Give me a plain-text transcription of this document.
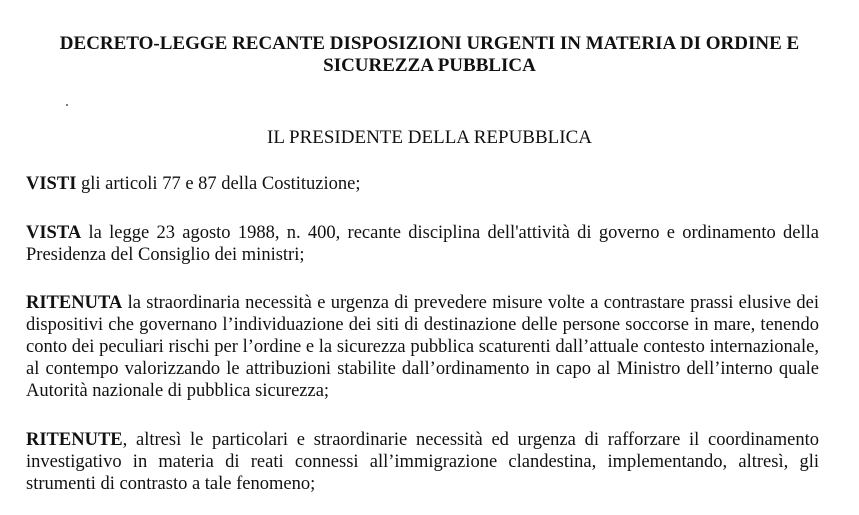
DECRETO-LEGGE RECANTE DISPOSIZIONI URGENTI IN MATERIA DI ORDINE E
SICUREZZA PUBBLICA
IL PRESIDENTE DELLA REPUBBLICA
VISTI gli articoli 77 e 87 della Costituzione;
VISTA la legge 23 agosto 1988, n. 400, recante disciplina dell'attività di governo e ordinamento della Presidenza del Consiglio dei ministri;
RITENUTA la straordinaria necessità e urgenza di prevedere misure volte a contrastare prassi elusive dei dispositivi che governano l’individuazione dei siti di destinazione delle persone soccorse in mare, tenendo conto dei peculiari rischi per l’ordine e la sicurezza pubblica scaturenti dall’attuale contesto internazionale, al contempo valorizzando le attribuzioni stabilite dall’ordinamento in capo al Ministro dell’interno quale Autorità nazionale di pubblica sicurezza;
RITENUTE, altresì le particolari e straordinarie necessità ed urgenza di rafforzare il coordinamento investigativo in materia di reati connessi all’immigrazione clandestina, implementando, altresì, gli strumenti di contrasto a tale fenomeno;
